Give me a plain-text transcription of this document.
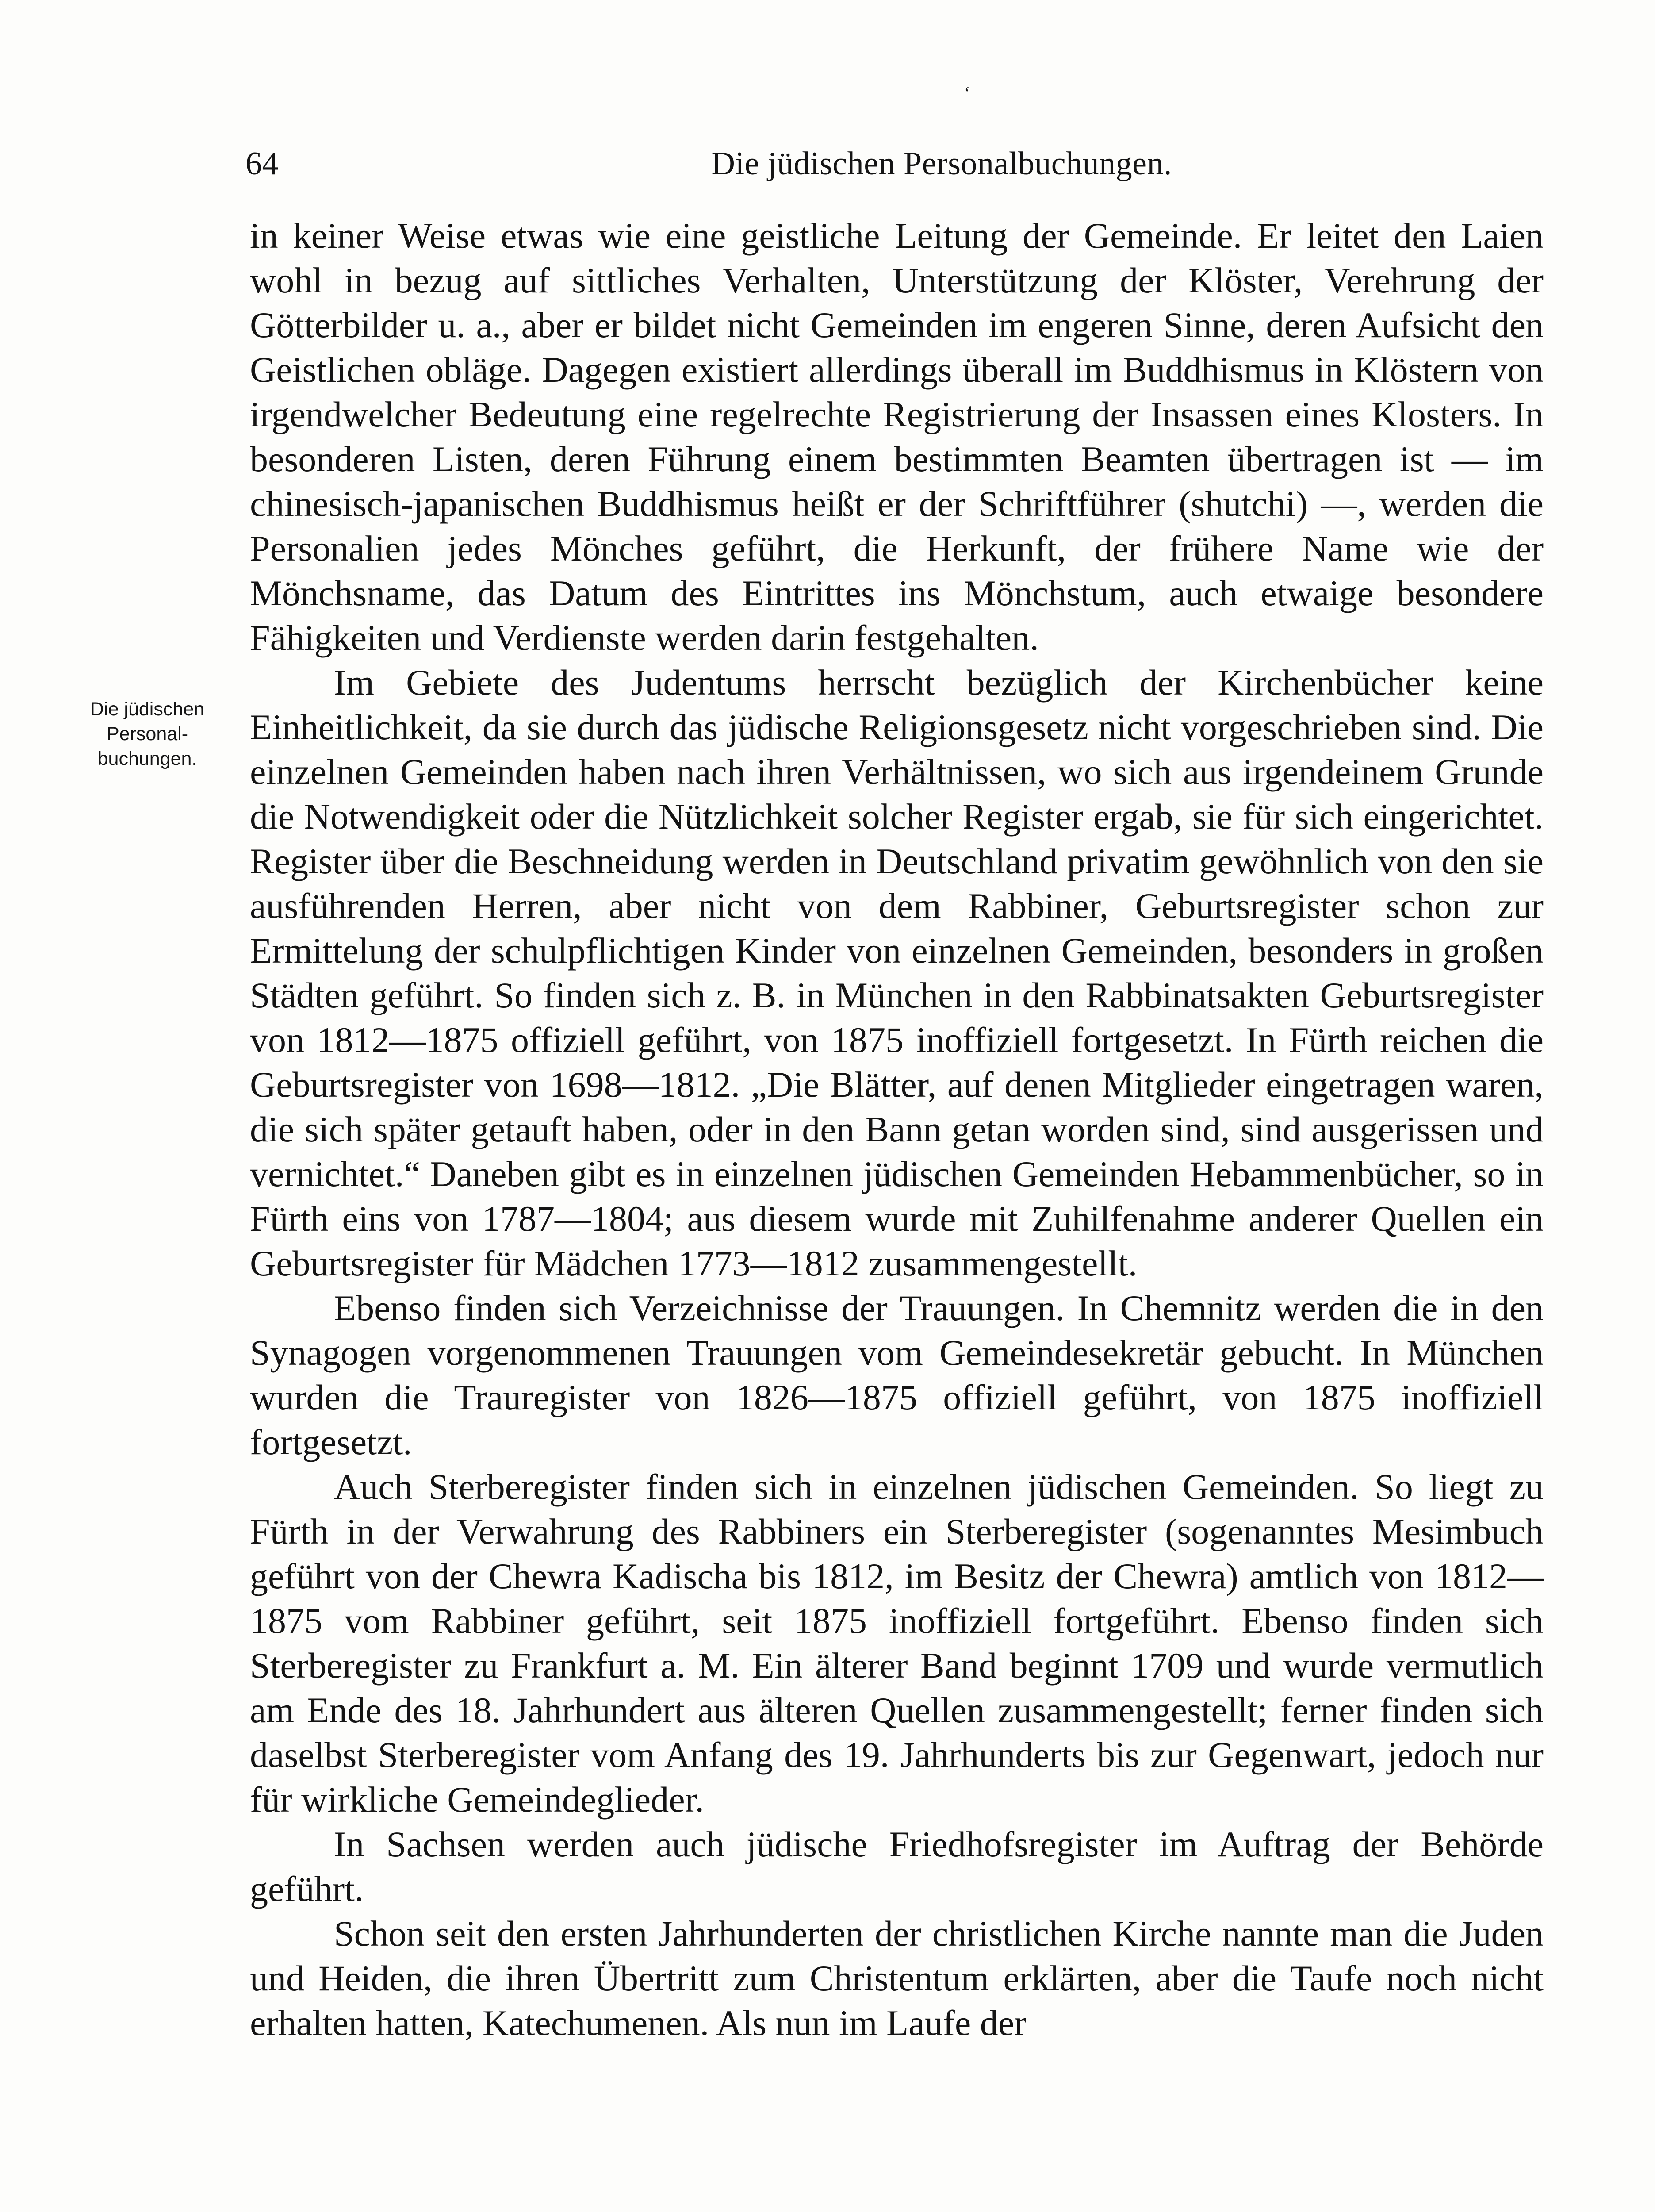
‘
64	Die jüdischen Personalbuchungen.
Die jüdischen
Personal-
buchungen.

in keiner Weise etwas wie eine geistliche Leitung der Gemeinde. Er leitet den Laien wohl in bezug auf sittliches Verhalten, Unterstützung der Klöster, Verehrung der Götterbilder u. a., aber er bildet nicht Gemeinden im engeren Sinne, deren Aufsicht den Geistlichen obläge. Dagegen existiert allerdings überall im Buddhismus in Klöstern von irgendwelcher Bedeutung eine regelrechte Registrierung der Insassen eines Klosters. In besonderen Listen, deren Führung einem bestimmten Beamten übertragen ist — im chinesisch-japanischen Buddhismus heißt er der Schriftführer (shutchi) —, werden die Personalien jedes Mönches geführt, die Herkunft, der frühere Name wie der Mönchsname, das Datum des Eintrittes ins Mönchstum, auch etwaige besondere Fähigkeiten und Verdienste werden darin festgehalten.

Im Gebiete des Judentums herrscht bezüglich der Kirchenbücher keine Einheitlichkeit, da sie durch das jüdische Religionsgesetz nicht vorgeschrieben sind. Die einzelnen Gemeinden haben nach ihren Verhältnissen, wo sich aus irgendeinem Grunde die Notwendigkeit oder die Nützlichkeit solcher Register ergab, sie für sich eingerichtet. Register über die Beschneidung werden in Deutschland privatim gewöhnlich von den sie ausführenden Herren, aber nicht von dem Rabbiner, Geburtsregister schon zur Ermittelung der schulpflichtigen Kinder von einzelnen Gemeinden, besonders in großen Städten geführt. So finden sich z. B. in München in den Rabbinatsakten Geburtsregister von 1812—1875 offiziell geführt, von 1875 inoffiziell fortgesetzt. In Fürth reichen die Geburtsregister von 1698—1812. „Die Blätter, auf denen Mitglieder eingetragen waren, die sich später getauft haben, oder in den Bann getan worden sind, sind ausgerissen und vernichtet.“ Daneben gibt es in einzelnen jüdischen Gemeinden Hebammenbücher, so in Fürth eins von 1787—1804; aus diesem wurde mit Zuhilfenahme anderer Quellen ein Geburtsregister für Mädchen 1773—1812 zusammengestellt.

Ebenso finden sich Verzeichnisse der Trauungen. In Chemnitz werden die in den Synagogen vorgenommenen Trauungen vom Gemeindesekretär gebucht. In München wurden die Trauregister von 1826—1875 offiziell geführt, von 1875 inoffiziell fortgesetzt.

Auch Sterberegister finden sich in einzelnen jüdischen Gemeinden. So liegt zu Fürth in der Verwahrung des Rabbiners ein Sterberegister (sogenanntes Mesimbuch geführt von der Chewra Kadischa bis 1812, im Besitz der Chewra) amtlich von 1812—1875 vom Rabbiner geführt, seit 1875 inoffiziell fortgeführt. Ebenso finden sich Sterberegister zu Frankfurt a. M. Ein älterer Band beginnt 1709 und wurde vermutlich am Ende des 18. Jahrhundert aus älteren Quellen zusammengestellt; ferner finden sich daselbst Sterberegister vom Anfang des 19. Jahrhunderts bis zur Gegenwart, jedoch nur für wirkliche Gemeindeglieder.

In Sachsen werden auch jüdische Friedhofsregister im Auftrag der Behörde geführt.

Schon seit den ersten Jahrhunderten der christlichen Kirche nannte man die Juden und Heiden, die ihren Übertritt zum Christentum erklärten, aber die Taufe noch nicht erhalten hatten, Katechumenen. Als nun im Laufe der
